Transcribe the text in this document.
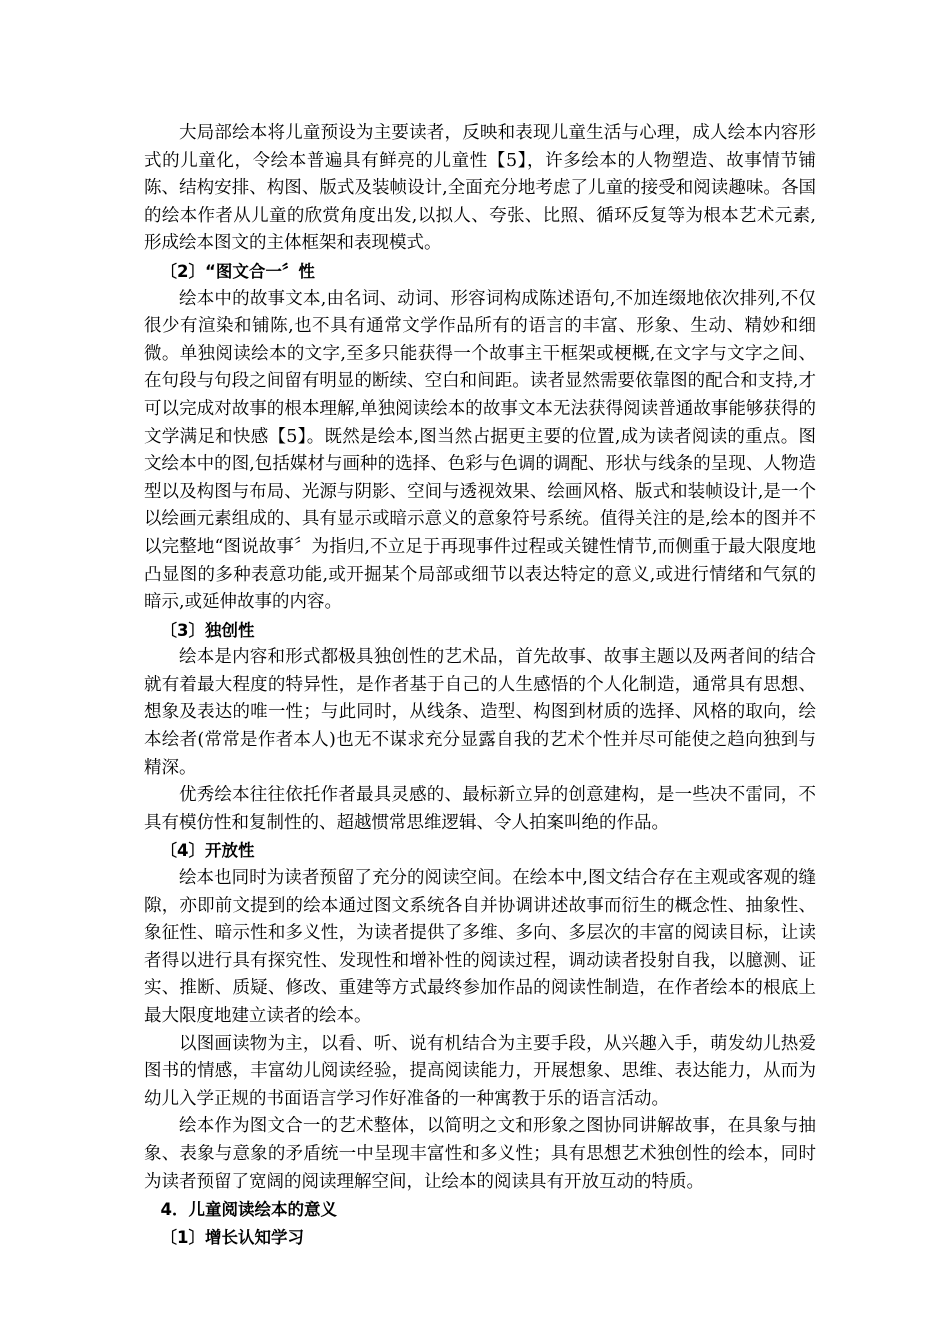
大局部绘本将儿童预设为主要读者，反映和表现儿童生活与心理，成人绘本内容形式的儿童化，令绘本普遍具有鲜亮的儿童性【5】，许多绘本的人物塑造、故事情节铺陈、结构安排、构图、版式及装帧设计,全面充分地考虑了儿童的接受和阅读趣味。各国的绘本作者从儿童的欣赏角度出发,以拟人、夸张、比照、循环反复等为根本艺术元素,形成绘本图文的主体框架和表现模式。

〔2〕“图文合一〞性

绘本中的故事文本,由名词、动词、形容词构成陈述语句,不加连缀地依次排列,不仅很少有渲染和铺陈,也不具有通常文学作品所有的语言的丰富、形象、生动、精妙和细微。单独阅读绘本的文字,至多只能获得一个故事主干框架或梗概,在文字与文字之间、在句段与句段之间留有明显的断续、空白和间距。读者显然需要依靠图的配合和支持,才可以完成对故事的根本理解,单独阅读绘本的故事文本无法获得阅读普通故事能够获得的文学满足和快感【5】。既然是绘本,图当然占据更主要的位置,成为读者阅读的重点。图文绘本中的图,包括媒材与画种的选择、色彩与色调的调配、形状与线条的呈现、人物造型以及构图与布局、光源与阴影、空间与透视效果、绘画风格、版式和装帧设计,是一个以绘画元素组成的、具有显示或暗示意义的意象符号系统。值得关注的是,绘本的图并不以完整地“图说故事〞为指归,不立足于再现事件过程或关键性情节,而侧重于最大限度地凸显图的多种表意功能,或开掘某个局部或细节以表达特定的意义,或进行情绪和气氛的暗示,或延伸故事的内容。

〔3〕独创性

绘本是内容和形式都极具独创性的艺术品，首先故事、故事主题以及两者间的结合就有着最大程度的特异性，是作者基于自己的人生感悟的个人化制造，通常具有思想、想象及表达的唯一性；与此同时，从线条、造型、构图到材质的选择、风格的取向，绘本绘者(常常是作者本人)也无不谋求充分显露自我的艺术个性并尽可能使之趋向独到与精深。

优秀绘本往往依托作者最具灵感的、最标新立异的创意建构，是一些决不雷同，不具有模仿性和复制性的、超越惯常思维逻辑、令人拍案叫绝的作品。

〔4〕开放性

绘本也同时为读者预留了充分的阅读空间。在绘本中,图文结合存在主观或客观的缝隙，亦即前文提到的绘本通过图文系统各自并协调讲述故事而衍生的概念性、抽象性、象征性、暗示性和多义性，为读者提供了多维、多向、多层次的丰富的阅读目标，让读者得以进行具有探究性、发现性和增补性的阅读过程，调动读者投射自我，以臆测、证实、推断、质疑、修改、重建等方式最终参加作品的阅读性制造，在作者绘本的根底上最大限度地建立读者的绘本。

以图画读物为主，以看、听、说有机结合为主要手段，从兴趣入手，萌发幼儿热爱图书的情感，丰富幼儿阅读经验，提高阅读能力，开展想象、思维、表达能力，从而为幼儿入学正规的书面语言学习作好准备的一种寓教于乐的语言活动。

绘本作为图文合一的艺术整体，以简明之文和形象之图协同讲解故事，在具象与抽象、表象与意象的矛盾统一中呈现丰富性和多义性；具有思想艺术独创性的绘本，同时为读者预留了宽阔的阅读理解空间，让绘本的阅读具有开放互动的特质。

4．儿童阅读绘本的意义

〔1〕增长认知学习
